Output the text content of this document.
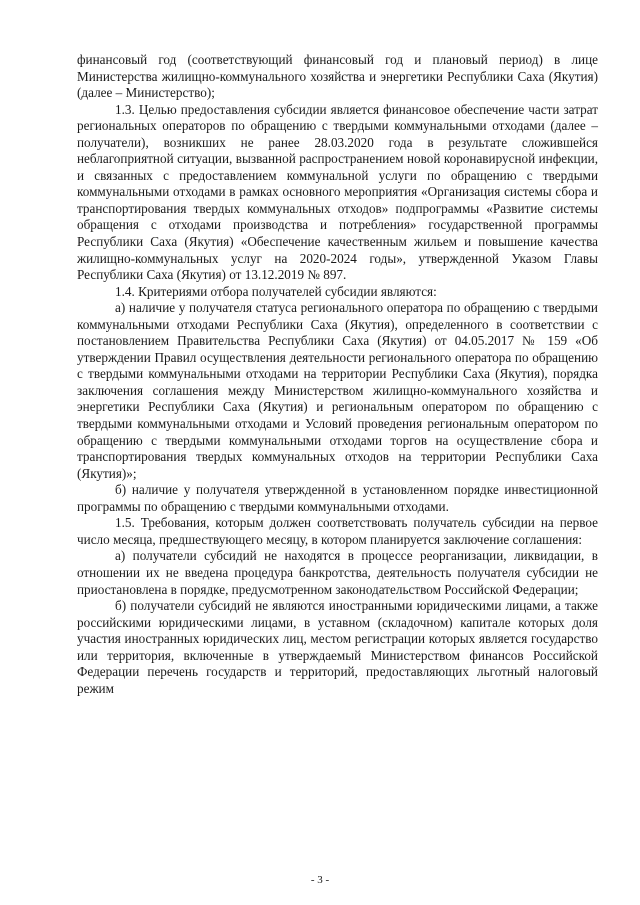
финансовый год (соответствующий финансовый год и плановый период) в лице Министерства жилищно-коммунального хозяйства и энергетики Республики Саха (Якутия) (далее – Министерство);

1.3. Целью предоставления субсидии является финансовое обеспечение части затрат региональных операторов по обращению с твердыми коммунальными отходами (далее – получатели), возникших не ранее 28.03.2020 года в результате сложившейся неблагоприятной ситуации, вызванной распространением новой коронавирусной инфекции, и связанных с предоставлением коммунальной услуги по обращению с твердыми коммунальными отходами в рамках основного мероприятия «Организация системы сбора и транспортирования твердых коммунальных отходов» подпрограммы «Развитие системы обращения с отходами производства и потребления» государственной программы Республики Саха (Якутия) «Обеспечение качественным жильем и повышение качества жилищно-коммунальных услуг на 2020-2024 годы», утвержденной Указом Главы Республики Саха (Якутия) от 13.12.2019 № 897.

1.4. Критериями отбора получателей субсидии являются:

а) наличие у получателя статуса регионального оператора по обращению с твердыми коммунальными отходами Республики Саха (Якутия), определенного в соответствии с постановлением Правительства Республики Саха (Якутия) от 04.05.2017 № 159 «Об утверждении Правил осуществления деятельности регионального оператора по обращению с твердыми коммунальными отходами на территории Республики Саха (Якутия), порядка заключения соглашения между Министерством жилищно-коммунального хозяйства и энергетики Республики Саха (Якутия) и региональным оператором по обращению с твердыми коммунальными отходами и Условий проведения региональным оператором по обращению с твердыми коммунальными отходами торгов на осуществление сбора и транспортирования твердых коммунальных отходов на территории Республики Саха (Якутия)»;

б) наличие у получателя утвержденной в установленном порядке инвестиционной программы по обращению с твердыми коммунальными отходами.

1.5. Требования, которым должен соответствовать получатель субсидии на первое число месяца, предшествующего месяцу, в котором планируется заключение соглашения:

а) получатели субсидий не находятся в процессе реорганизации, ликвидации, в отношении их не введена процедура банкротства, деятельность получателя субсидии не приостановлена в порядке, предусмотренном законодательством Российской Федерации;

б) получатели субсидий не являются иностранными юридическими лицами, а также российскими юридическими лицами, в уставном (складочном) капитале которых доля участия иностранных юридических лиц, местом регистрации которых является государство или территория, включенные в утверждаемый Министерством финансов Российской Федерации перечень государств и территорий, предоставляющих льготный налоговый режим

- 3 -
